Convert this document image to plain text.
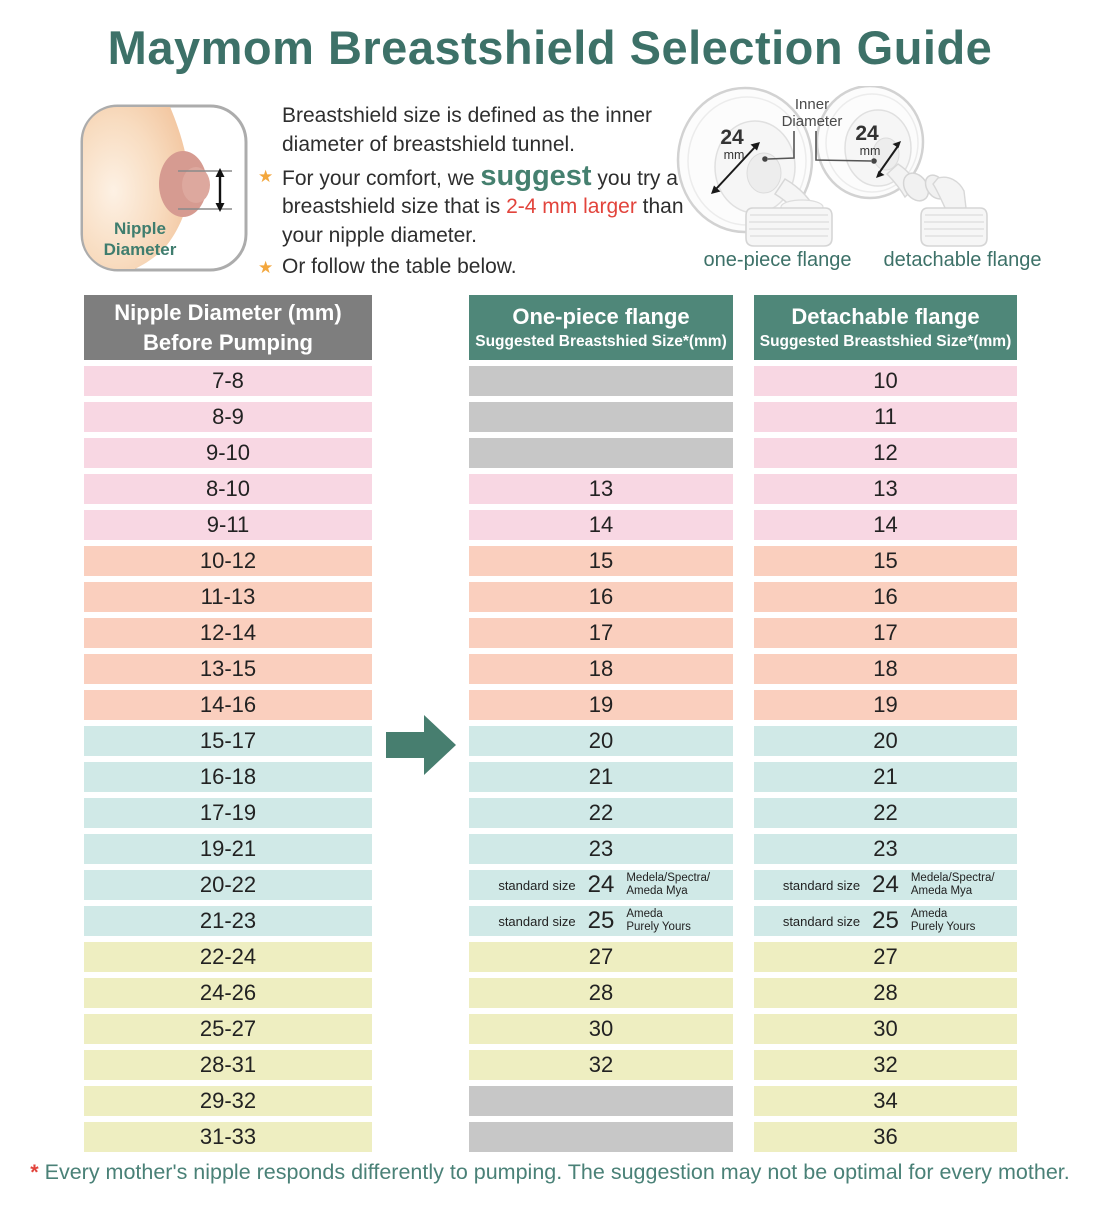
Maymom Breastshield Selection Guide
Nipple
Diameter

Breastshield size is defined as the inner diameter of breastshield tunnel.

★ For your comfort, we suggest you try a breastshield size that is 2-4 mm larger than your nipple diameter.
★ Or follow the table below.
24
mm
24
mm
Inner
Diameter
one-piece flange	detachable flange
Nipple Diameter (mm)
Before Pumping
7-8
8-9
9-10
8-10
9-11
10-12
11-13
12-14
13-15
14-16
15-17
16-18
17-19
19-21
20-22
21-23
22-24
24-26
25-27
28-31
29-32
31-33
One-piece flange
Suggested Breastshied Size*(mm)
13
14
15
16
17
18
19
20
21
22
23
standard size 24 Medela/Spectra/
Ameda Mya
standard size 25 Ameda
Purely Yours
27
28
30
32
Detachable flange
Suggested Breastshied Size*(mm)
10
11
12
13
14
15
16
17
18
19
20
21
22
23
standard size 24 Medela/Spectra/
Ameda Mya
standard size 25 Ameda
Purely Yours
27
28
30
32
34
36
* Every mother's nipple responds differently to pumping. The suggestion may not be optimal for every mother.
